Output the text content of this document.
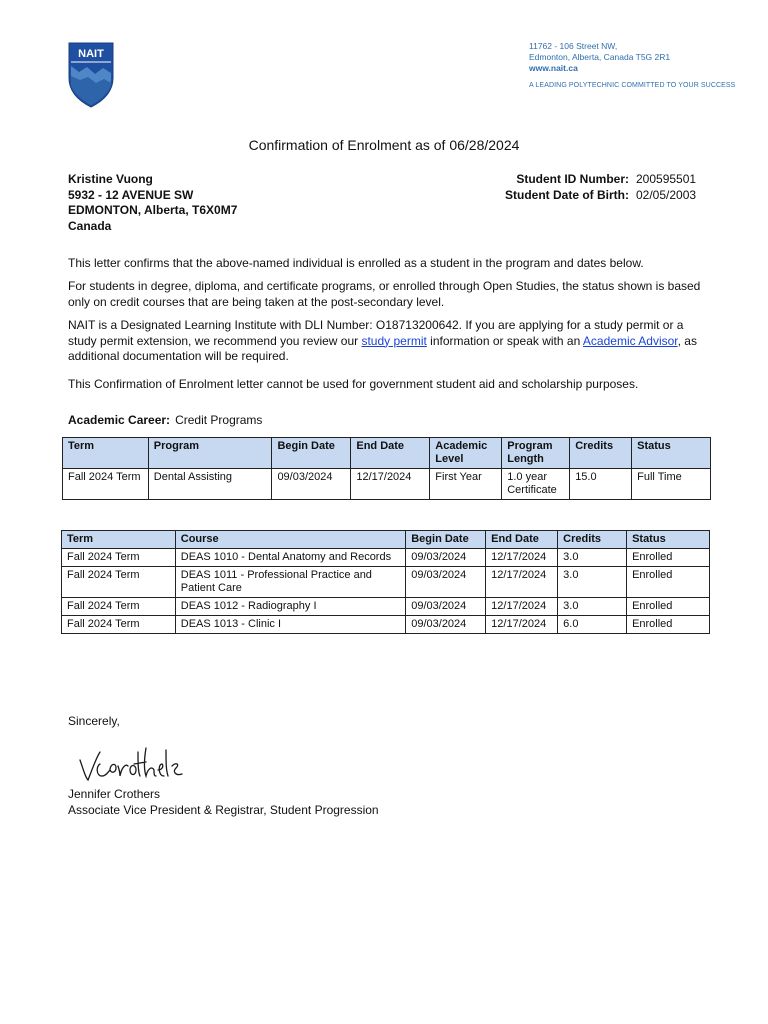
NAIT
11762 - 106 Street NW,
Edmonton, Alberta, Canada T5G 2R1
www.nait.ca
A LEADING POLYTECHNIC COMMITTED TO YOUR SUCCESS
Confirmation of Enrolment as of 06/28/2024
Kristine Vuong
5932 - 12 AVENUE SW
EDMONTON, Alberta, T6X0M7
Canada
Student ID Number:	200595501
Student Date of Birth:	02/05/2003
This letter confirms that the above-named individual is enrolled as a student in the program and dates below.
For students in degree, diploma, and certificate programs, or enrolled through Open Studies, the status shown is based only on credit courses that are being taken at the post-secondary level.
NAIT is a Designated Learning Institute with DLI Number: O18713200642. If you are applying for a study permit or a study permit extension, we recommend you review our study permit information or speak with an Academic Advisor, as additional documentation will be required.
This Confirmation of Enrolment letter cannot be used for government student aid and scholarship purposes.
Academic Career: Credit Programs
Term	Program	Begin Date	End Date	Academic Level	Program Length	Credits	Status
Fall 2024 Term	Dental Assisting	09/03/2024	12/17/2024	First Year	1.0 year Certificate	15.0	Full Time
Term	Course	Begin Date	End Date	Credits	Status
Fall 2024 Term	DEAS 1010 - Dental Anatomy and Records	09/03/2024	12/17/2024	3.0	Enrolled
Fall 2024 Term	DEAS 1011 - Professional Practice and Patient Care	09/03/2024	12/17/2024	3.0	Enrolled
Fall 2024 Term	DEAS 1012 - Radiography I	09/03/2024	12/17/2024	3.0	Enrolled
Fall 2024 Term	DEAS 1013 - Clinic I	09/03/2024	12/17/2024	6.0	Enrolled
Sincerely,
Jennifer Crothers
Associate Vice President & Registrar, Student Progression
